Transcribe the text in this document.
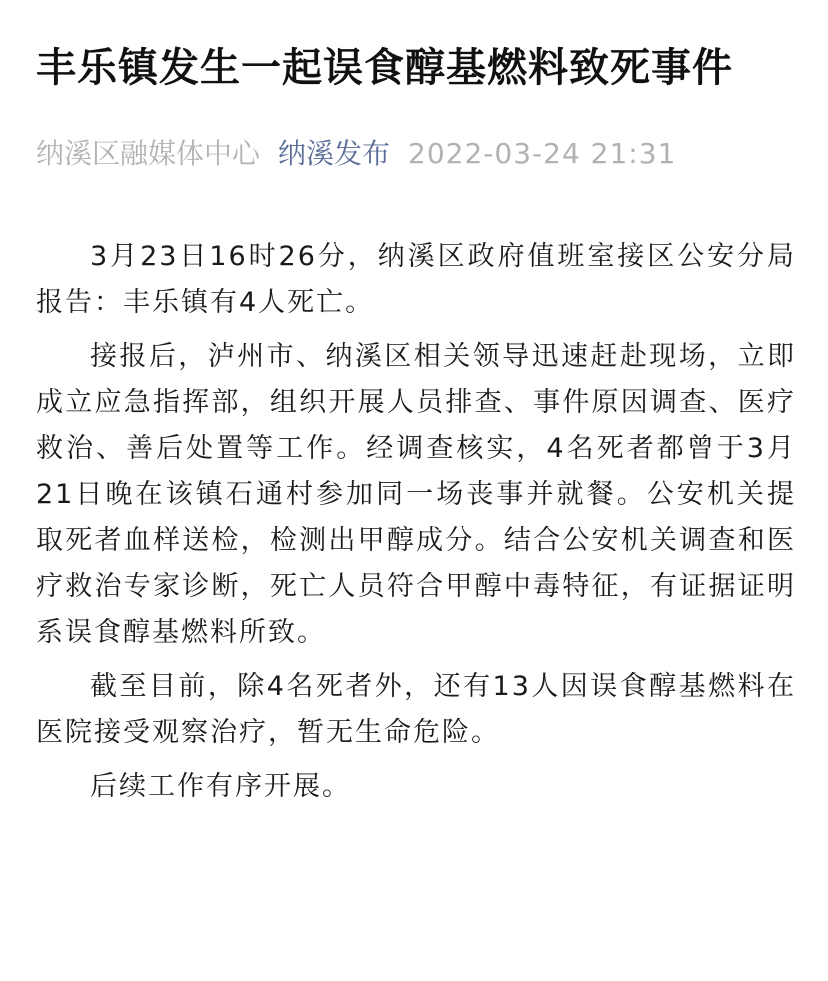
丰乐镇发生一起误食醇基燃料致死事件
纳溪区融媒体中心 纳溪发布 2022-03-24 21:31

3月23日16时26分，纳溪区政府值班室接区公安分局报告：丰乐镇有4人死亡。

接报后，泸州市、纳溪区相关领导迅速赶赴现场，立即成立应急指挥部，组织开展人员排查、事件原因调查、医疗救治、善后处置等工作。经调查核实，4名死者都曾于3月21日晚在该镇石通村参加同一场丧事并就餐。公安机关提取死者血样送检，检测出甲醇成分。结合公安机关调查和医疗救治专家诊断，死亡人员符合甲醇中毒特征，有证据证明系误食醇基燃料所致。

截至目前，除4名死者外，还有13人因误食醇基燃料在医院接受观察治疗，暂无生命危险。

后续工作有序开展。
